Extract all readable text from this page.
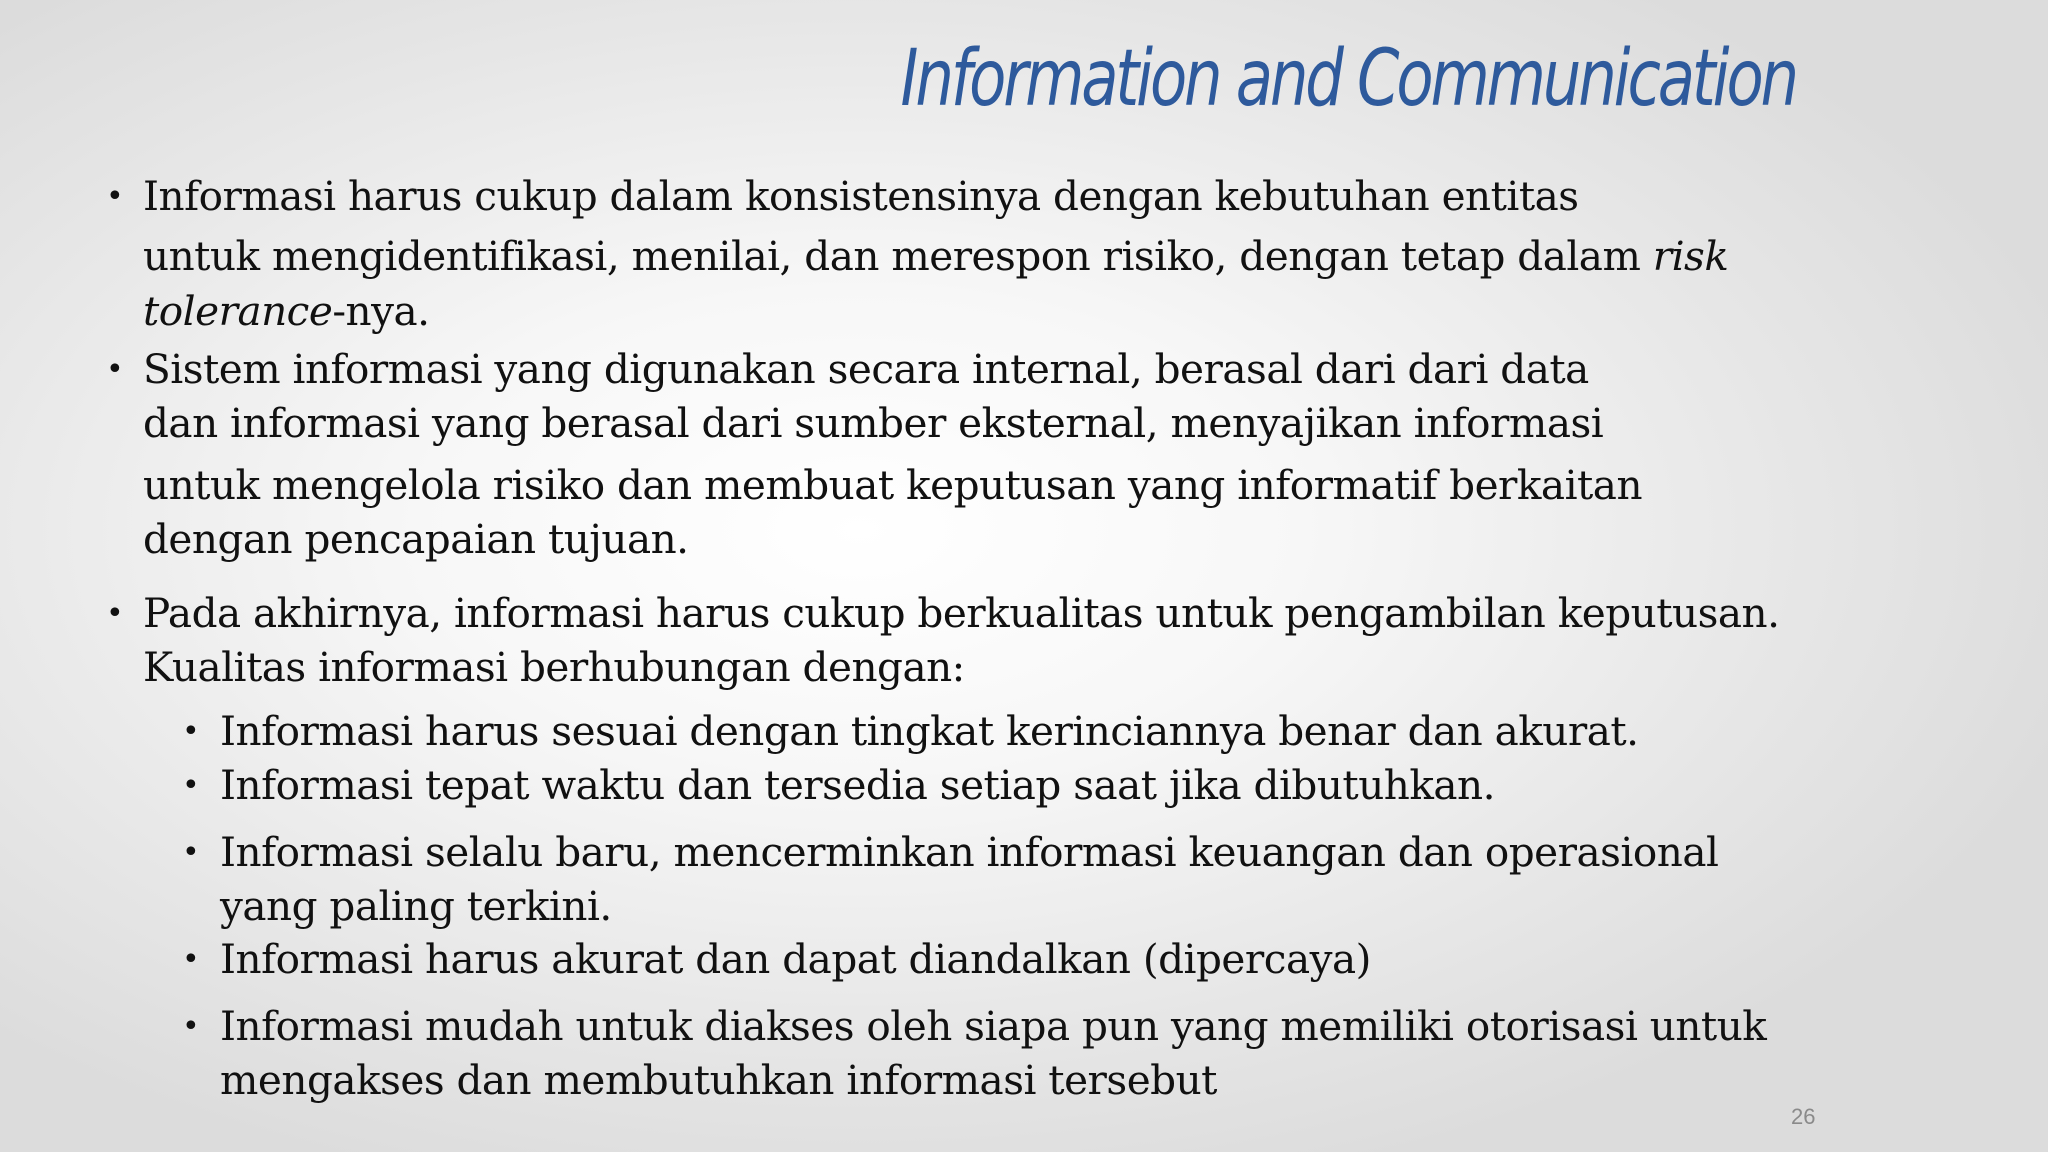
Information and Communication
• Informasi harus cukup dalam konsistensinya dengan kebutuhan entitas
untuk mengidentifikasi, menilai, dan merespon risiko, dengan tetap dalam risk
tolerance-nya.
• Sistem informasi yang digunakan secara internal, berasal dari dari data
dan informasi yang berasal dari sumber eksternal, menyajikan informasi
untuk mengelola risiko dan membuat keputusan yang informatif berkaitan
dengan pencapaian tujuan.
• Pada akhirnya, informasi harus cukup berkualitas untuk pengambilan keputusan.
Kualitas informasi berhubungan dengan:
• Informasi harus sesuai dengan tingkat kerinciannya benar dan akurat.
• Informasi tepat waktu dan tersedia setiap saat jika dibutuhkan.
• Informasi selalu baru, mencerminkan informasi keuangan dan operasional
yang paling terkini.
• Informasi harus akurat dan dapat diandalkan (dipercaya)
• Informasi mudah untuk diakses oleh siapa pun yang memiliki otorisasi untuk
mengakses dan membutuhkan informasi tersebut
26
